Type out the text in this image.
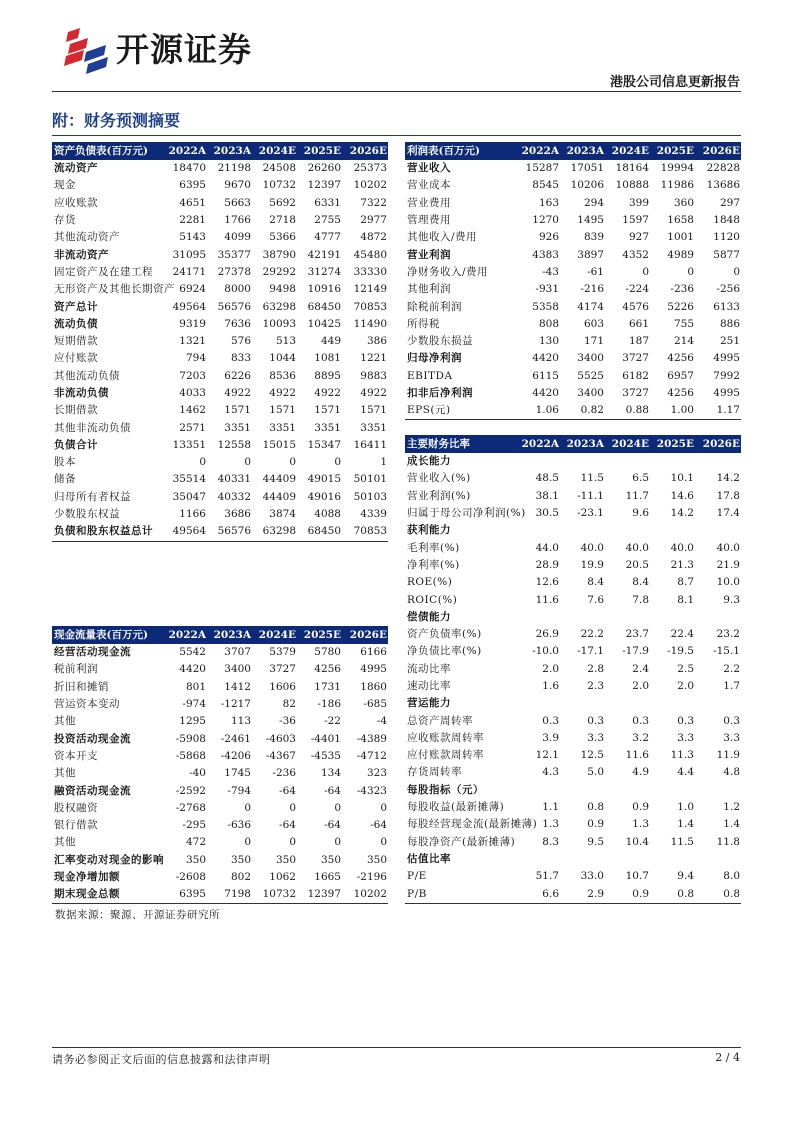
开源证券
港股公司信息更新报告
附：财务预测摘要
资产负债表(百万元)	2022A	2023A	2024E	2025E	2026E
流动资产	18470	21198	24508	26260	25373
现金	6395	9670	10732	12397	10202
应收账款	4651	5663	5692	6331	7322
存货	2281	1766	2718	2755	2977
其他流动资产	5143	4099	5366	4777	4872
非流动资产	31095	35377	38790	42191	45480
固定资产及在建工程	24171	27378	29292	31274	33330
无形资产及其他长期资产	6924	8000	9498	10916	12149
资产总计	49564	56576	63298	68450	70853
流动负债	9319	7636	10093	10425	11490
短期借款	1321	576	513	449	386
应付账款	794	833	1044	1081	1221
其他流动负债	7203	6226	8536	8895	9883
非流动负债	4033	4922	4922	4922	4922
长期借款	1462	1571	1571	1571	1571
其他非流动负债	2571	3351	3351	3351	3351
负债合计	13351	12558	15015	15347	16411
股本	0	0	0	0	1
储备	35514	40331	44409	49015	50101
归母所有者权益	35047	40332	44409	49016	50103
少数股东权益	1166	3686	3874	4088	4339
负债和股东权益总计	49564	56576	63298	68450	70853
利润表(百万元)	2022A	2023A	2024E	2025E	2026E
营业收入	15287	17051	18164	19994	22828
营业成本	8545	10206	10888	11986	13686
营业费用	163	294	399	360	297
管理费用	1270	1495	1597	1658	1848
其他收入/费用	926	839	927	1001	1120
营业利润	4383	3897	4352	4989	5877
净财务收入/费用	-43	-61	0	0	0
其他利润	-931	-216	-224	-236	-256
除税前利润	5358	4174	4576	5226	6133
所得税	808	603	661	755	886
少数股东损益	130	171	187	214	251
归母净利润	4420	3400	3727	4256	4995
EBITDA	6115	5525	6182	6957	7992
扣非后净利润	4420	3400	3727	4256	4995
EPS(元)	1.06	0.82	0.88	1.00	1.17
主要财务比率	2022A	2023A	2024E	2025E	2026E
成长能力					
营业收入(%)	48.5	11.5	6.5	10.1	14.2
营业利润(%)	38.1	-11.1	11.7	14.6	17.8
归属于母公司净利润(%)	30.5	-23.1	9.6	14.2	17.4
获利能力					
毛利率(%)	44.0	40.0	40.0	40.0	40.0
净利率(%)	28.9	19.9	20.5	21.3	21.9
ROE(%)	12.6	8.4	8.4	8.7	10.0
ROIC(%)	11.6	7.6	7.8	8.1	9.3
偿债能力					
资产负债率(%)	26.9	22.2	23.7	22.4	23.2
净负债比率(%)	-10.0	-17.1	-17.9	-19.5	-15.1
流动比率	2.0	2.8	2.4	2.5	2.2
速动比率	1.6	2.3	2.0	2.0	1.7
营运能力					
总资产周转率	0.3	0.3	0.3	0.3	0.3
应收账款周转率	3.9	3.3	3.2	3.3	3.3
应付账款周转率	12.1	12.5	11.6	11.3	11.9
存货周转率	4.3	5.0	4.9	4.4	4.8
每股指标（元）					
每股收益(最新摊薄)	1.1	0.8	0.9	1.0	1.2
每股经营现金流(最新摊薄)	1.3	0.9	1.3	1.4	1.4
每股净资产(最新摊薄)	8.3	9.5	10.4	11.5	11.8
估值比率					
P/E	51.7	33.0	10.7	9.4	8.0
P/B	6.6	2.9	0.9	0.8	0.8
现金流量表(百万元)	2022A	2023A	2024E	2025E	2026E
经营活动现金流	5542	3707	5379	5780	6166
税前利润	4420	3400	3727	4256	4995
折旧和摊销	801	1412	1606	1731	1860
营运资本变动	-974	-1217	82	-186	-685
其他	1295	113	-36	-22	-4
投资活动现金流	-5908	-2461	-4603	-4401	-4389
资本开支	-5868	-4206	-4367	-4535	-4712
其他	-40	1745	-236	134	323
融资活动现金流	-2592	-794	-64	-64	-4323
股权融资	-2768	0	0	0	0
银行借款	-295	-636	-64	-64	-64
其他	472	0	0	0	0
汇率变动对现金的影响	350	350	350	350	350
现金净增加额	-2608	802	1062	1665	-2196
期末现金总额	6395	7198	10732	12397	10202
数据来源：聚源、开源证券研究所
请务必参阅正文后面的信息披露和法律声明	2 / 4
